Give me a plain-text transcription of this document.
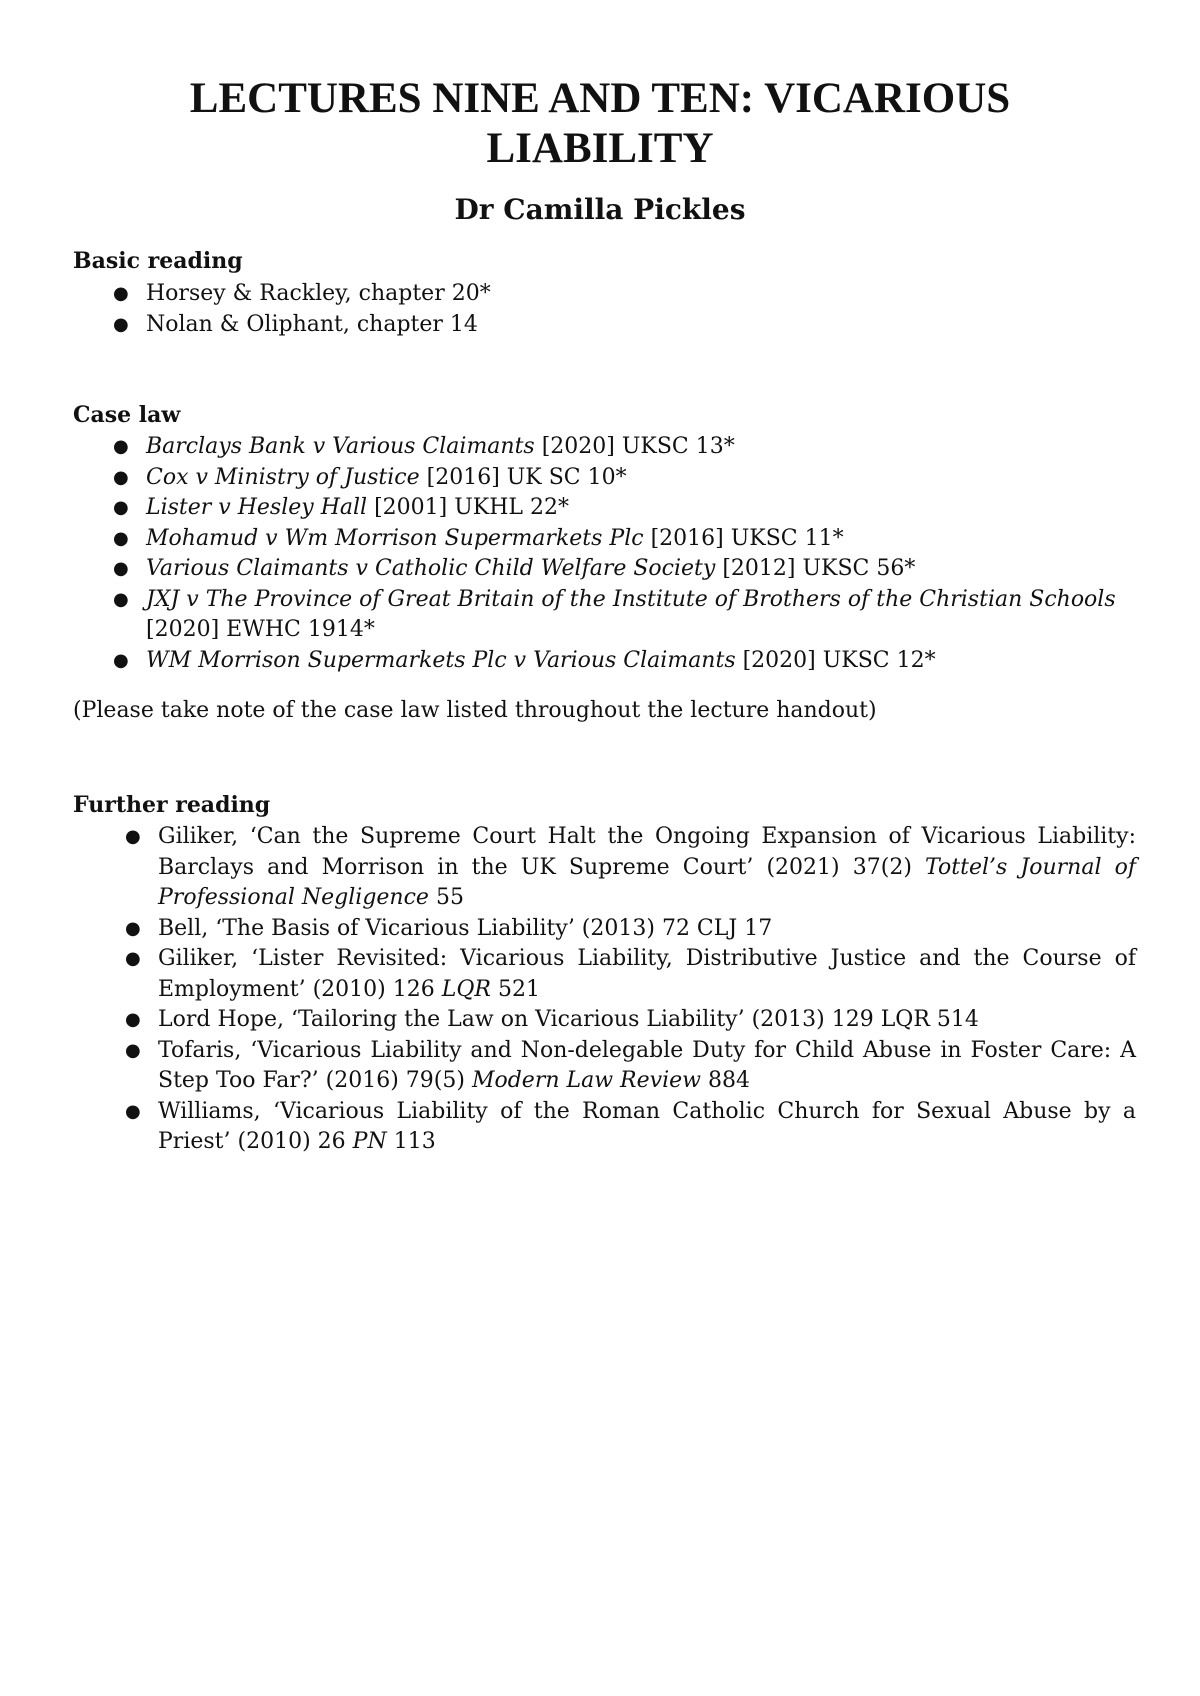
LECTURES NINE AND TEN: VICARIOUS LIABILITY
Dr Camilla Pickles
Basic reading
● Horsey & Rackley, chapter 20*
● Nolan & Oliphant, chapter 14
Case law
● Barclays Bank v Various Claimants [2020] UKSC 13*
● Cox v Ministry of Justice [2016] UK SC 10*
● Lister v Hesley Hall [2001] UKHL 22*
● Mohamud v Wm Morrison Supermarkets Plc [2016] UKSC 11*
● Various Claimants v Catholic Child Welfare Society [2012] UKSC 56*
● JXJ v The Province of Great Britain of the Institute of Brothers of the Christian Schools [2020] EWHC 1914*
● WM Morrison Supermarkets Plc v Various Claimants [2020] UKSC 12*
(Please take note of the case law listed throughout the lecture handout)
Further reading
● Giliker, ‘Can the Supreme Court Halt the Ongoing Expansion of Vicarious Liability: Barclays and Morrison in the UK Supreme Court’ (2021) 37(2) Tottel’s Journal of Professional Negligence 55
● Bell, ‘The Basis of Vicarious Liability’ (2013) 72 CLJ 17
● Giliker, ‘Lister Revisited: Vicarious Liability, Distributive Justice and the Course of Employment’ (2010) 126 LQR 521
● Lord Hope, ‘Tailoring the Law on Vicarious Liability’ (2013) 129 LQR 514
● Tofaris, ‘Vicarious Liability and Non-delegable Duty for Child Abuse in Foster Care: A Step Too Far?’ (2016) 79(5) Modern Law Review 884
● Williams, ‘Vicarious Liability of the Roman Catholic Church for Sexual Abuse by a Priest’ (2010) 26 PN 113
